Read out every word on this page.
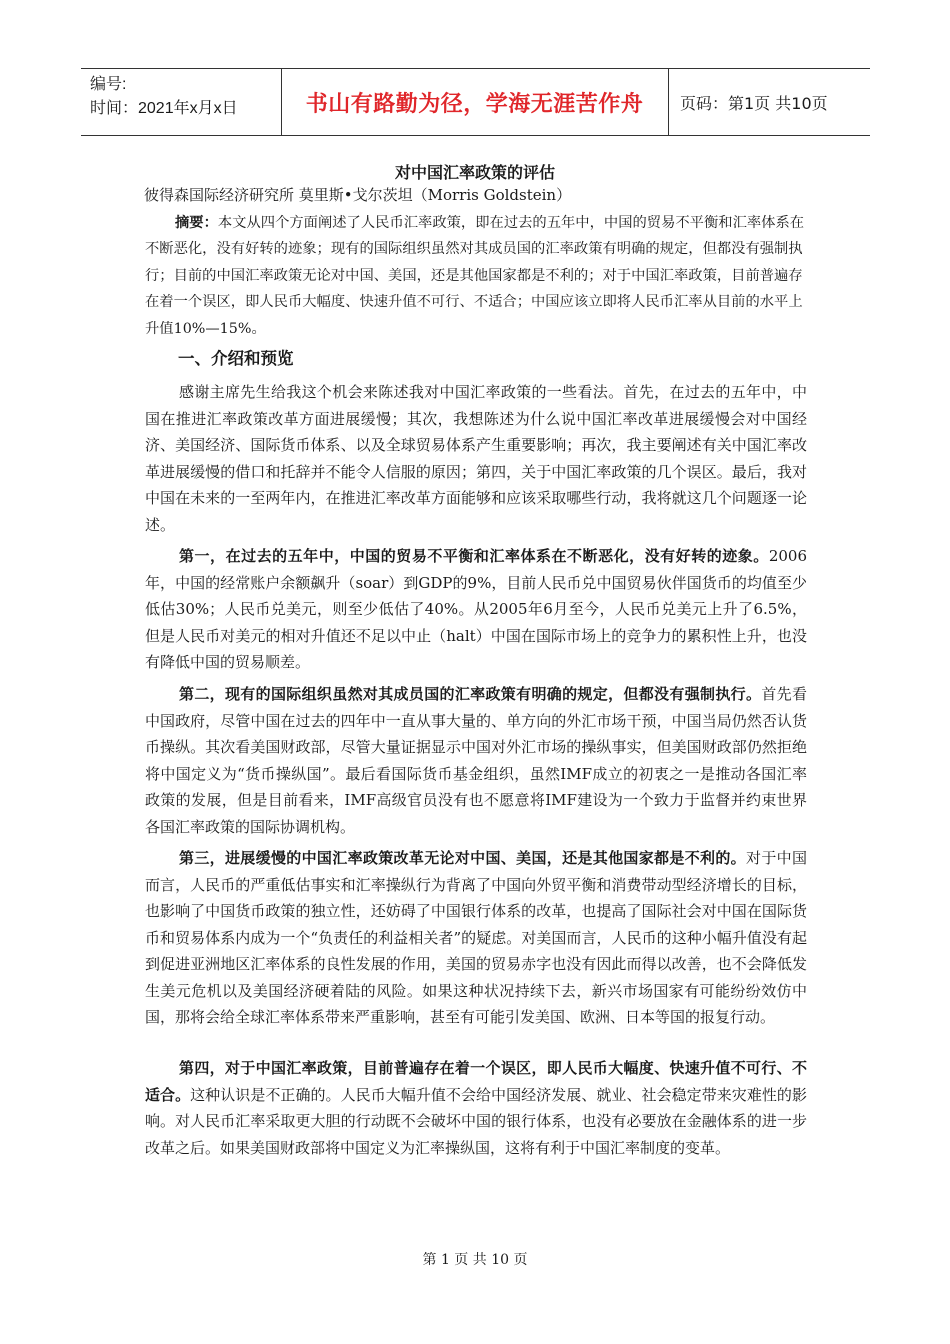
编号:
时间：2021年x月x日	书山有路勤为径，学海无涯苦作舟	页码：第1页 共10页
对中国汇率政策的评估
彼得森国际经济研究所 莫里斯•戈尔茨坦（Morris Goldstein）

摘要：本文从四个方面阐述了人民币汇率政策，即在过去的五年中，中国的贸易不平衡和汇率体系在不断恶化，没有好转的迹象；现有的国际组织虽然对其成员国的汇率政策有明确的规定，但都没有强制执行；目前的中国汇率政策无论对中国、美国，还是其他国家都是不利的；对于中国汇率政策，目前普遍存在着一个误区，即人民币大幅度、快速升值不可行、不适合；中国应该立即将人民币汇率从目前的水平上升值10%—15%。

一、介绍和预览

感谢主席先生给我这个机会来陈述我对中国汇率政策的一些看法。首先，在过去的五年中，中国在推进汇率政策改革方面进展缓慢；其次，我想陈述为什么说中国汇率改革进展缓慢会对中国经济、美国经济、国际货币体系、以及全球贸易体系产生重要影响；再次，我主要阐述有关中国汇率改革进展缓慢的借口和托辞并不能令人信服的原因；第四，关于中国汇率政策的几个误区。最后，我对中国在未来的一至两年内，在推进汇率改革方面能够和应该采取哪些行动，我将就这几个问题逐一论述。

第一，在过去的五年中，中国的贸易不平衡和汇率体系在不断恶化，没有好转的迹象。2006年，中国的经常账户余额飙升（soar）到GDP的9%，目前人民币兑中国贸易伙伴国货币的均值至少低估30%；人民币兑美元，则至少低估了40%。从2005年6月至今，人民币兑美元上升了6.5%，但是人民币对美元的相对升值还不足以中止（halt）中国在国际市场上的竞争力的累积性上升，也没有降低中国的贸易顺差。

第二，现有的国际组织虽然对其成员国的汇率政策有明确的规定，但都没有强制执行。首先看中国政府，尽管中国在过去的四年中一直从事大量的、单方向的外汇市场干预，中国当局仍然否认货币操纵。其次看美国财政部，尽管大量证据显示中国对外汇市场的操纵事实，但美国财政部仍然拒绝将中国定义为“货币操纵国”。最后看国际货币基金组织，虽然IMF成立的初衷之一是推动各国汇率政策的发展，但是目前看来，IMF高级官员没有也不愿意将IMF建设为一个致力于监督并约束世界各国汇率政策的国际协调机构。

第三，进展缓慢的中国汇率政策改革无论对中国、美国，还是其他国家都是不利的。对于中国而言，人民币的严重低估事实和汇率操纵行为背离了中国向外贸平衡和消费带动型经济增长的目标，也影响了中国货币政策的独立性，还妨碍了中国银行体系的改革，也提高了国际社会对中国在国际货币和贸易体系内成为一个“负责任的利益相关者”的疑虑。对美国而言，人民币的这种小幅升值没有起到促进亚洲地区汇率体系的良性发展的作用，美国的贸易赤字也没有因此而得以改善，也不会降低发生美元危机以及美国经济硬着陆的风险。如果这种状况持续下去，新兴市场国家有可能纷纷效仿中国，那将会给全球汇率体系带来严重影响，甚至有可能引发美国、欧洲、日本等国的报复行动。

第四，对于中国汇率政策，目前普遍存在着一个误区，即人民币大幅度、快速升值不可行、不适合。这种认识是不正确的。人民币大幅升值不会给中国经济发展、就业、社会稳定带来灾难性的影响。对人民币汇率采取更大胆的行动既不会破坏中国的银行体系，也没有必要放在金融体系的进一步改革之后。如果美国财政部将中国定义为汇率操纵国，这将有利于中国汇率制度的变革。

第 1 页 共 10 页
